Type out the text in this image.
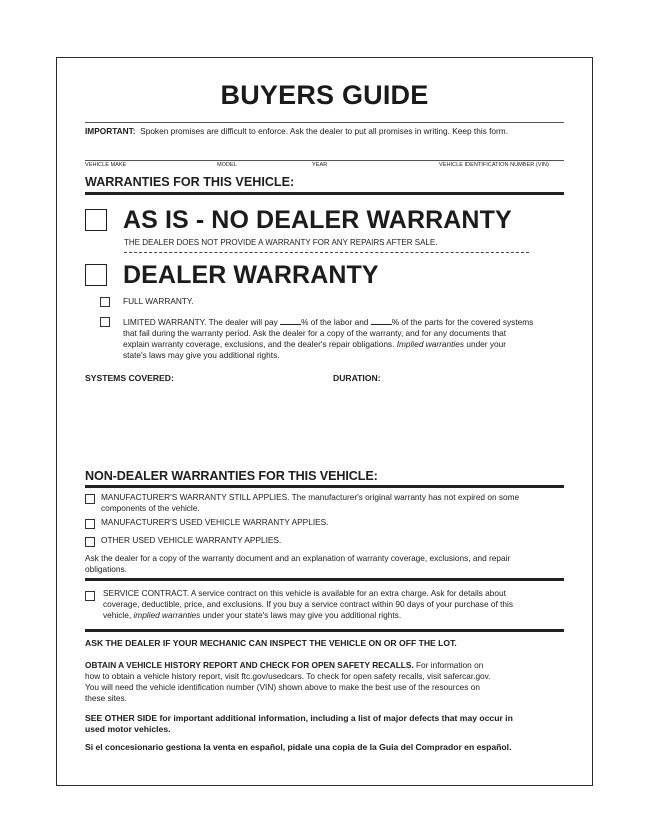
BUYERS GUIDE
IMPORTANT: Spoken promises are difficult to enforce. Ask the dealer to put all promises in writing. Keep this form.
VEHICLE MAKE	MODEL	YEAR	VEHICLE IDENTIFICATION NUMBER (VIN)
WARRANTIES FOR THIS VEHICLE:
AS IS - NO DEALER WARRANTY
THE DEALER DOES NOT PROVIDE A WARRANTY FOR ANY REPAIRS AFTER SALE.
DEALER WARRANTY
FULL WARRANTY.
LIMITED WARRANTY. The dealer will pay	% of the labor and	% of the parts for the covered systems
that fail during the warranty period. Ask the dealer for a copy of the warranty, and for any documents that
explain warranty coverage, exclusions, and the dealer's repair obligations. Implied warranties under your
state's laws may give you additional rights.
SYSTEMS COVERED:	DURATION:
NON-DEALER WARRANTIES FOR THIS VEHICLE:
MANUFACTURER'S WARRANTY STILL APPLIES. The manufacturer's original warranty has not expired on some
components of the vehicle.
MANUFACTURER'S USED VEHICLE WARRANTY APPLIES.
OTHER USED VEHICLE WARRANTY APPLIES.
Ask the dealer for a copy of the warranty document and an explanation of warranty coverage, exclusions, and repair
obligations.
SERVICE CONTRACT. A service contract on this vehicle is available for an extra charge. Ask for details about
coverage, deductible, price, and exclusions. If you buy a service contract within 90 days of your purchase of this
vehicle, implied warranties under your state's laws may give you additional rights.
ASK THE DEALER IF YOUR MECHANIC CAN INSPECT THE VEHICLE ON OR OFF THE LOT.
OBTAIN A VEHICLE HISTORY REPORT AND CHECK FOR OPEN SAFETY RECALLS. For information on
how to obtain a vehicle history report, visit ftc.gov/usedcars. To check for open safety recalls, visit safercar.gov.
You will need the vehicle identification number (VIN) shown above to make the best use of the resources on
these sites.
SEE OTHER SIDE for important additional information, including a list of major defects that may occur in
used motor vehicles.
Si el concesionario gestiona la venta en español, pidale una copia de la Guia del Comprador en español.
